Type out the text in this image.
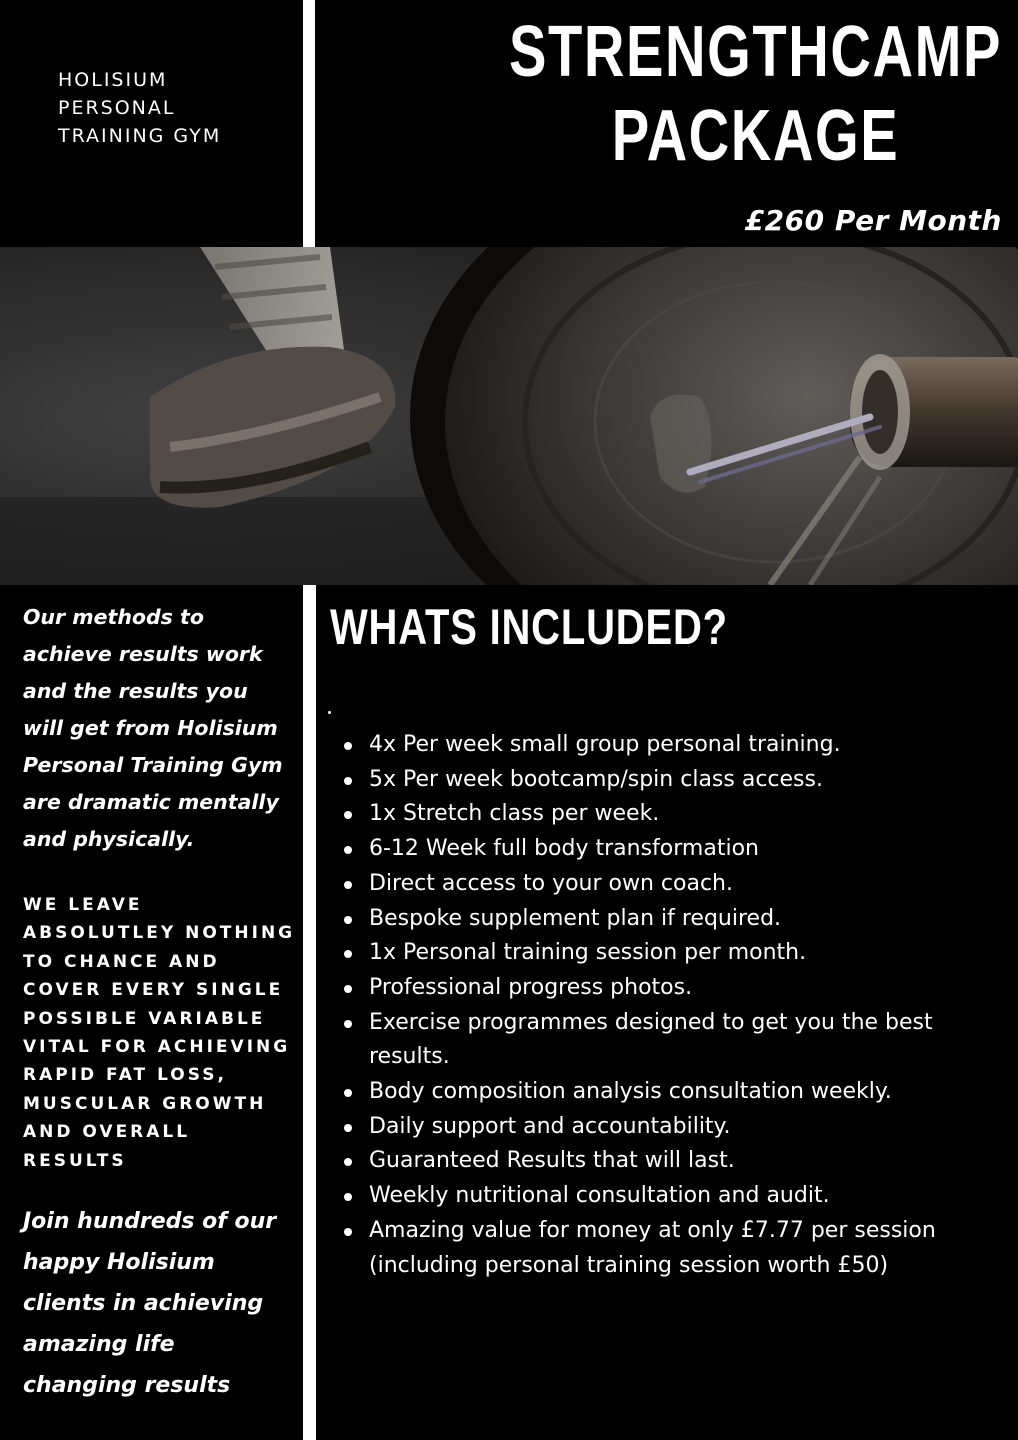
HOLISIUM
PERSONAL
TRAINING GYM
STRENGTHCAMP
PACKAGE
£260 Per Month

Our methods to achieve results work and the results you will get from Holisium Personal Training Gym are dramatic mentally and physically.

WE LEAVE ABSOLUTLEY NOTHING TO CHANCE AND COVER EVERY SINGLE POSSIBLE VARIABLE VITAL FOR ACHIEVING RAPID FAT LOSS, MUSCULAR GROWTH AND OVERALL RESULTS

Join hundreds of our happy Holisium clients in achieving amazing life changing results

WHATS INCLUDED?
4x Per week small group personal training.
5x Per week bootcamp/spin class access.
1x Stretch class per week.
6-12 Week full body transformation
Direct access to your own coach.
Bespoke supplement plan if required.
1x Personal training session per month.
Professional progress photos.
Exercise programmes designed to get you the best results.
Body composition analysis consultation weekly.
Daily support and accountability.
Guaranteed Results that will last.
Weekly nutritional consultation and audit.
Amazing value for money at only £7.77 per session (including personal training session worth £50)
